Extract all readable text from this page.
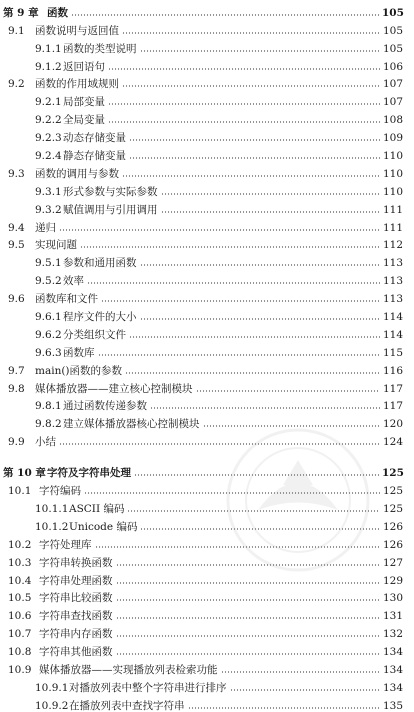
第 9 章 函数	105
9.1 函数说明与返回值	105
9.1.1 函数的类型说明	105
9.1.2 返回语句	106
9.2 函数的作用域规则	107
9.2.1 局部变量	107
9.2.2 全局变量	108
9.2.3 动态存储变量	109
9.2.4 静态存储变量	110
9.3 函数的调用与参数	110
9.3.1 形式参数与实际参数	110
9.3.2 赋值调用与引用调用	111
9.4 递归	111
9.5 实现问题	112
9.5.1 参数和通用函数	113
9.5.2 效率	113
9.6 函数库和文件	113
9.6.1 程序文件的大小	114
9.6.2 分类组织文件	114
9.6.3 函数库	115
9.7 main()函数的参数	116
9.8 媒体播放器——建立核心控制模块	117
9.8.1 通过函数传递参数	117
9.8.2 建立媒体播放器核心控制模块	120
9.9 小结	124
第 10 章 字符及字符串处理	125
10.1 字符编码	125
10.1.1 ASCII 编码	125
10.1.2 Unicode 编码	126
10.2 字符处理库	126
10.3 字符串转换函数	127
10.4 字符串处理函数	129
10.5 字符串比较函数	130
10.6 字符串查找函数	131
10.7 字符串内存函数	132
10.8 字符串其他函数	134
10.9 媒体播放器——实现播放列表检索功能	134
10.9.1 对播放列表中整个字符串进行排序	134
10.9.2 在播放列表中查找字符串	135
